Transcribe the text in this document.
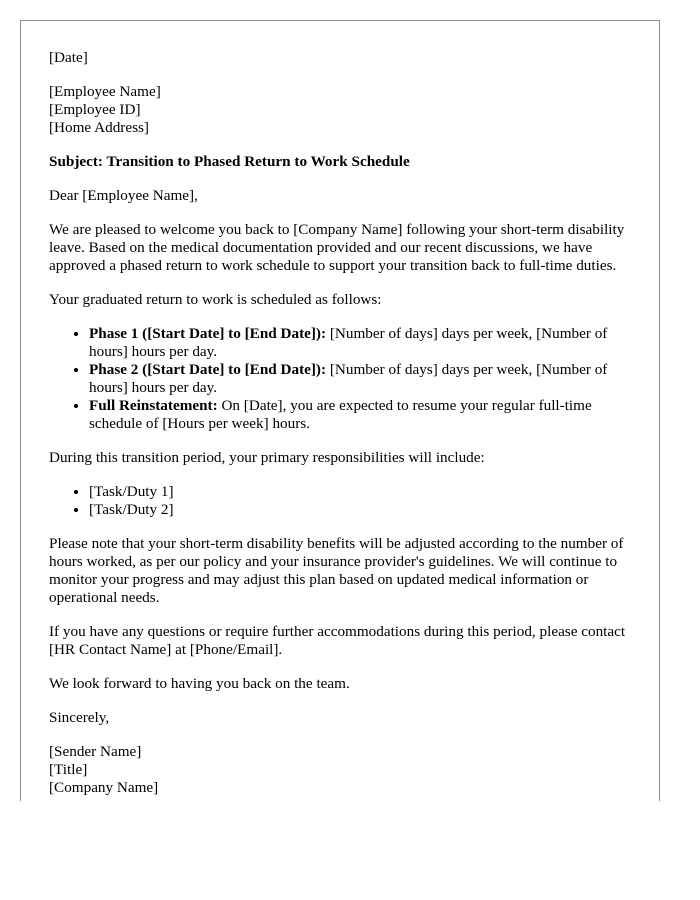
[Date]

[Employee Name]

[Employee ID]

[Home Address]

Subject: Transition to Phased Return to Work Schedule

Dear [Employee Name],

We are pleased to welcome you back to [Company Name] following your short-term disability leave. Based on the medical documentation provided and our recent discussions, we have approved a phased return to work schedule to support your transition back to full-time duties.

Your graduated return to work is scheduled as follows:

• Phase 1 ([Start Date] to [End Date]): [Number of days] days per week, [Number of hours] hours per day.
• Phase 2 ([Start Date] to [End Date]): [Number of days] days per week, [Number of hours] hours per day.
• Full Reinstatement: On [Date], you are expected to resume your regular full-time schedule of [Hours per week] hours.

During this transition period, your primary responsibilities will include:

• [Task/Duty 1]
• [Task/Duty 2]

Please note that your short-term disability benefits will be adjusted according to the number of hours worked, as per our policy and your insurance provider's guidelines. We will continue to monitor your progress and may adjust this plan based on updated medical information or operational needs.

If you have any questions or require further accommodations during this period, please contact [HR Contact Name] at [Phone/Email].

We look forward to having you back on the team.

Sincerely,

[Sender Name]

[Title]

[Company Name]
